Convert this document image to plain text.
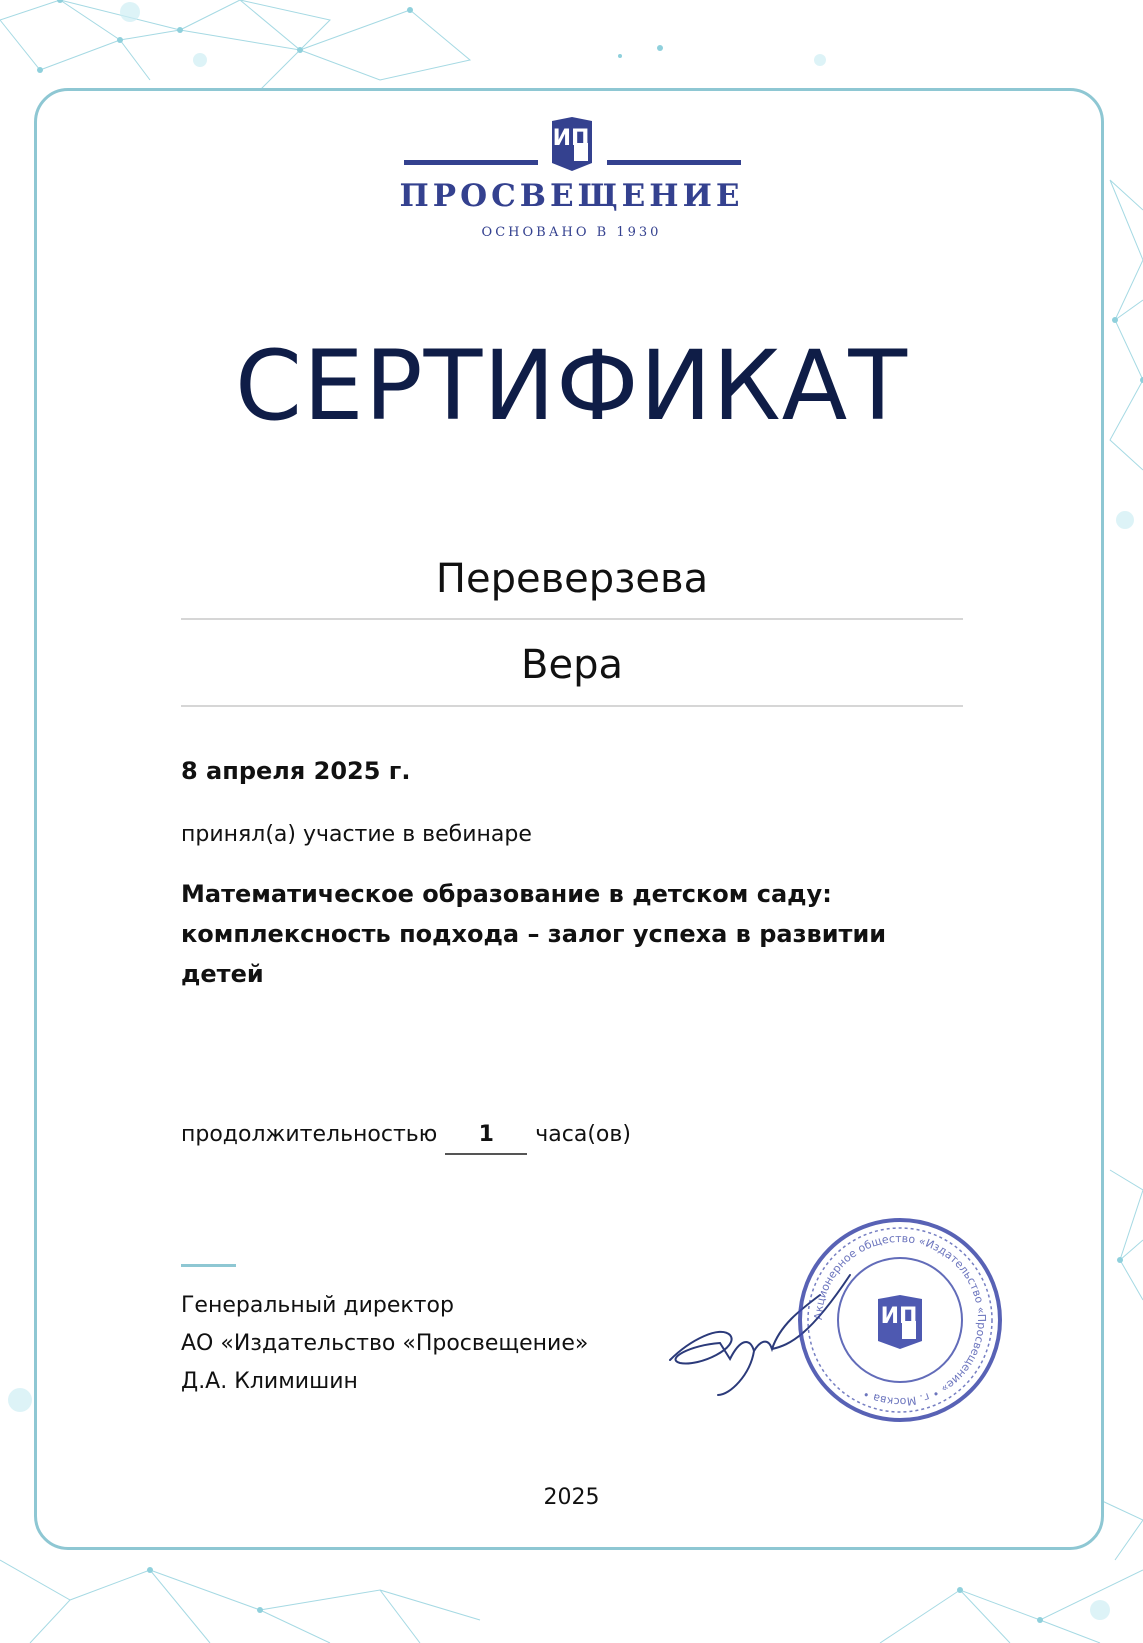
ИП
ПРОСВЕЩЕНИЕ
ОСНОВАНО В 1930
СЕРТИФИКАТ
Переверзева
Вера
8 апреля 2025 г.
принял(а) участие в вебинаре
Математическое образование в детском саду: комплексность подхода – залог успеха в развитии детей
продолжительностью	1	часа(ов)
Генеральный директор
АО «Издательство «Просвещение»
Д.А. Климишин
Акционерное общество «Издательство «Просвещение» • г. Москва •
ИП
2025
